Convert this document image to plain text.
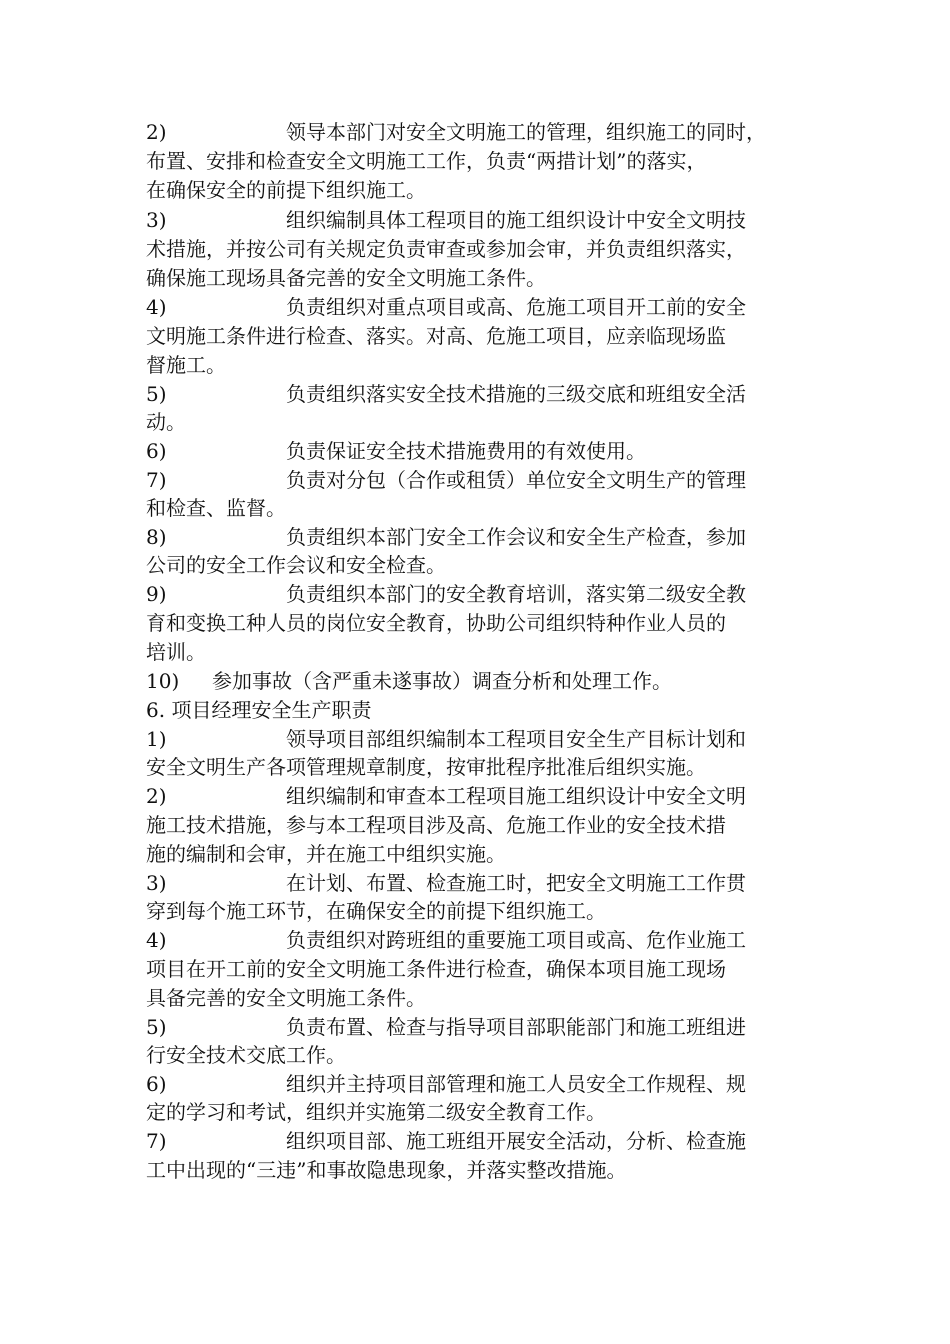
2)	领导本部门对安全文明施工的管理，组织施工的同时，
布置、安排和检查安全文明施工工作，负责“两措计划”的落实，
在确保安全的前提下组织施工。
3)	组织编制具体工程项目的施工组织设计中安全文明技
术措施，并按公司有关规定负责审查或参加会审，并负责组织落实，
确保施工现场具备完善的安全文明施工条件。
4)	负责组织对重点项目或高、危施工项目开工前的安全
文明施工条件进行检查、落实。对高、危施工项目，应亲临现场监
督施工。
5)	负责组织落实安全技术措施的三级交底和班组安全活
动。
6)	负责保证安全技术措施费用的有效使用。
7)	负责对分包（合作或租赁）单位安全文明生产的管理
和检查、监督。
8)	负责组织本部门安全工作会议和安全生产检查，参加
公司的安全工作会议和安全检查。
9)	负责组织本部门的安全教育培训，落实第二级安全教
育和变换工种人员的岗位安全教育，协助公司组织特种作业人员的
培训。
10) 参加事故（含严重未遂事故）调查分析和处理工作。
6. 项目经理安全生产职责
1)	领导项目部组织编制本工程项目安全生产目标计划和
安全文明生产各项管理规章制度，按审批程序批准后组织实施。
2)	组织编制和审查本工程项目施工组织设计中安全文明
施工技术措施，参与本工程项目涉及高、危施工作业的安全技术措
施的编制和会审，并在施工中组织实施。
3)	在计划、布置、检查施工时，把安全文明施工工作贯
穿到每个施工环节，在确保安全的前提下组织施工。
4)	负责组织对跨班组的重要施工项目或高、危作业施工
项目在开工前的安全文明施工条件进行检查，确保本项目施工现场
具备完善的安全文明施工条件。
5)	负责布置、检查与指导项目部职能部门和施工班组进
行安全技术交底工作。
6)	组织并主持项目部管理和施工人员安全工作规程、规
定的学习和考试，组织并实施第二级安全教育工作。
7)	组织项目部、施工班组开展安全活动，分析、检查施
工中出现的“三违”和事故隐患现象，并落实整改措施。
